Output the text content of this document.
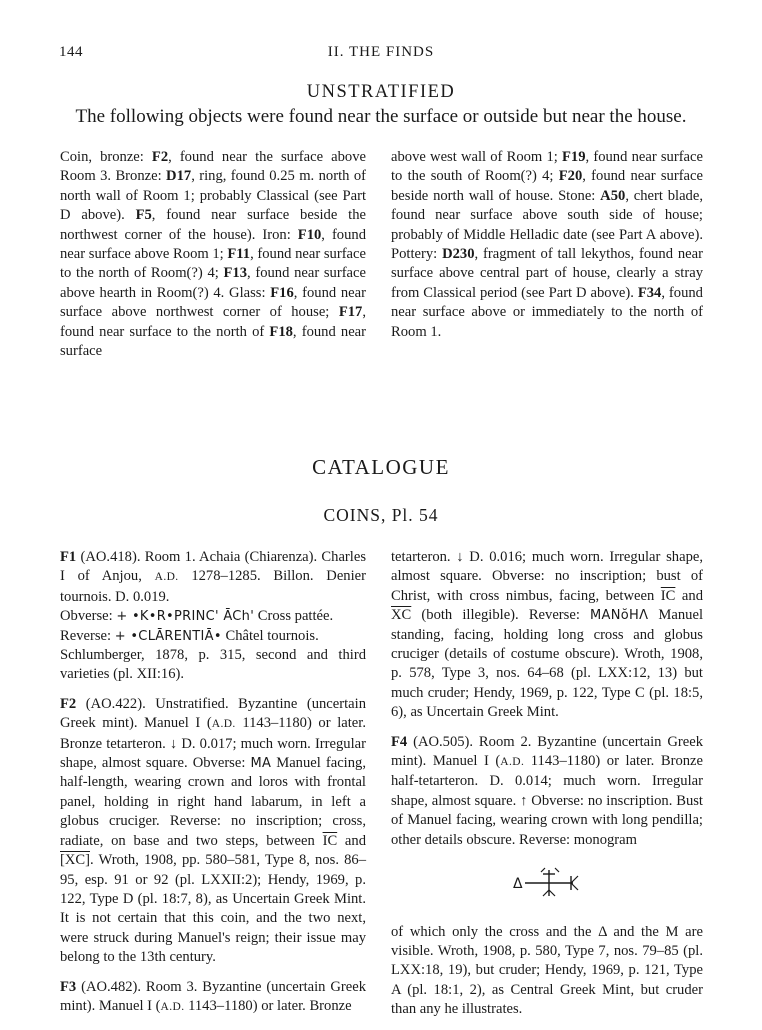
144	II. THE FINDS
UNSTRATIFIED
The following objects were found near the surface or outside but near the house.

Coin, bronze: F2, found near the surface above Room 3. Bronze: D17, ring, found 0.25 m. north of north wall of Room 1; probably Classical (see Part D above). F5, found near surface beside the northwest corner of the house). Iron: F10, found near surface above Room 1; F11, found near surface to the north of Room(?) 4; F13, found near surface above hearth in Room(?) 4. Glass: F16, found near surface above northwest corner of house; F17, found near surface to the north of F18, found near surface

above west wall of Room 1; F19, found near surface to the south of Room(?) 4; F20, found near surface beside north wall of house. Stone: A50, chert blade, found near surface above south side of house; probably of Middle Helladic date (see Part A above). Pottery: D230, fragment of tall lekythos, found near surface above central part of house, clearly a stray from Classical period (see Part D above). F34, found near surface above or immediately to the north of Room 1.

CATALOGUE
COINS, Pl. 54

F1 (AO.418). Room 1. Achaia (Chiarenza). Charles I of Anjou, A.D. 1278–1285. Billon. Denier tournois. D. 0.019.

Obverse: + •K•R•PRINC' ĀCh' Cross pattée.

Reverse: + •CLĀRENTIĀ• Châtel tournois.

Schlumberger, 1878, p. 315, second and third varieties (pl. XII:16).

F2 (AO.422). Unstratified. Byzantine (uncertain Greek mint). Manuel I (A.D. 1143–1180) or later. Bronze tetarteron. ↓ D. 0.017; much worn. Irregular shape, almost square. Obverse: MA Manuel facing, half-length, wearing crown and loros with frontal panel, holding in right hand labarum, in left a globus cruciger. Reverse: no inscription; cross, radiate, on base and two steps, between $\overline{IC}$ and [XC]. Wroth, 1908, pp. 580–581, Type 8, nos. 86–95, esp. 91 or 92 (pl. LXXII:2); Hendy, 1969, p. 122, Type D (pl. 18:7, 8), as Uncertain Greek Mint. It is not certain that this coin, and the two next, were struck during Manuel's reign; their issue may belong to the 13th century.

F3 (AO.482). Room 3. Byzantine (uncertain Greek mint). Manuel I (A.D. 1143–1180) or later. Bronze

tetarteron. ↓ D. 0.016; much worn. Irregular shape, almost square. Obverse: no inscription; bust of Christ, with cross nimbus, facing, between $\overline{IC}$ and $\overline{XC}$ (both illegible). Reverse: MANŏHΛ Manuel standing, facing, holding long cross and globus cruciger (details of costume obscure). Wroth, 1908, p. 578, Type 3, nos. 64–68 (pl. LXX:12, 13) but much cruder; Hendy, 1969, p. 122, Type C (pl. 18:5, 6), as Uncertain Greek Mint.

F4 (AO.505). Room 2. Byzantine (uncertain Greek mint). Manuel I (A.D. 1143–1180) or later. Bronze half-tetarteron. D. 0.014; much worn. Irregular shape, almost square. ↑ Obverse: no inscription. Bust of Manuel facing, wearing crown with long pendilla; other details obscure. Reverse: monogram

Δ

of which only the cross and the Δ and the M are visible. Wroth, 1908, p. 580, Type 7, nos. 79–85 (pl. LXX:18, 19), but cruder; Hendy, 1969, p. 121, Type A (pl. 18:1, 2), as Central Greek Mint, but cruder than any he illustrates.
